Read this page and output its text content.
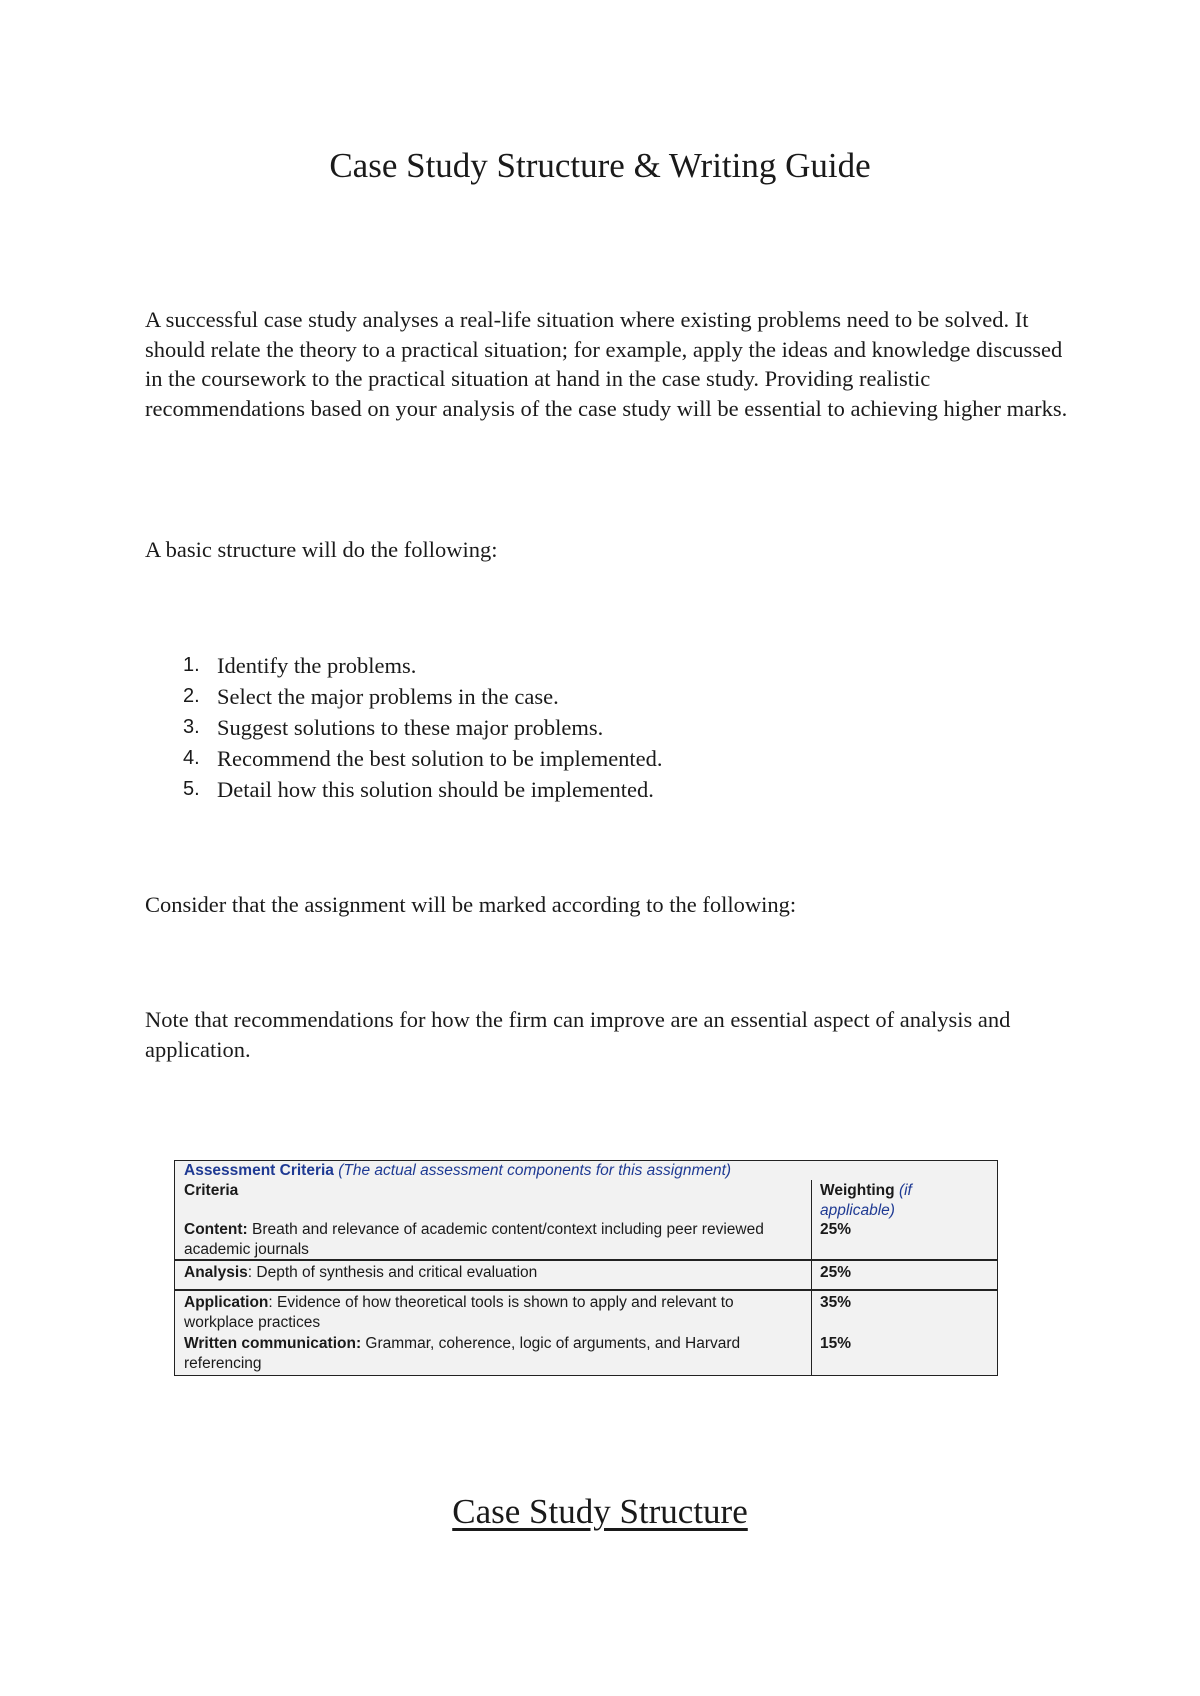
Case Study Structure & Writing Guide

A successful case study analyses a real-life situation where existing problems need to be solved. It should relate the theory to a practical situation; for example, apply the ideas and knowledge discussed in the coursework to the practical situation at hand in the case study. Providing realistic recommendations based on your analysis of the case study will be essential to achieving higher marks.

A basic structure will do the following:

1. Identify the problems.
2. Select the major problems in the case.
3. Suggest solutions to these major problems.
4. Recommend the best solution to be implemented.
5. Detail how this solution should be implemented.

Consider that the assignment will be marked according to the following:

Note that recommendations for how the firm can improve are an essential aspect of analysis and application.

Assessment Criteria (The actual assessment components for this assignment)
Criteria	Weighting (if applicable)
Content: Breath and relevance of academic content/context including peer reviewed academic journals
25%
Analysis: Depth of synthesis and critical evaluation	25%
Application: Evidence of how theoretical tools is shown to apply and relevant to workplace practices
35%
Written communication: Grammar, coherence, logic of arguments, and Harvard referencing
15%
Case Study Structure
